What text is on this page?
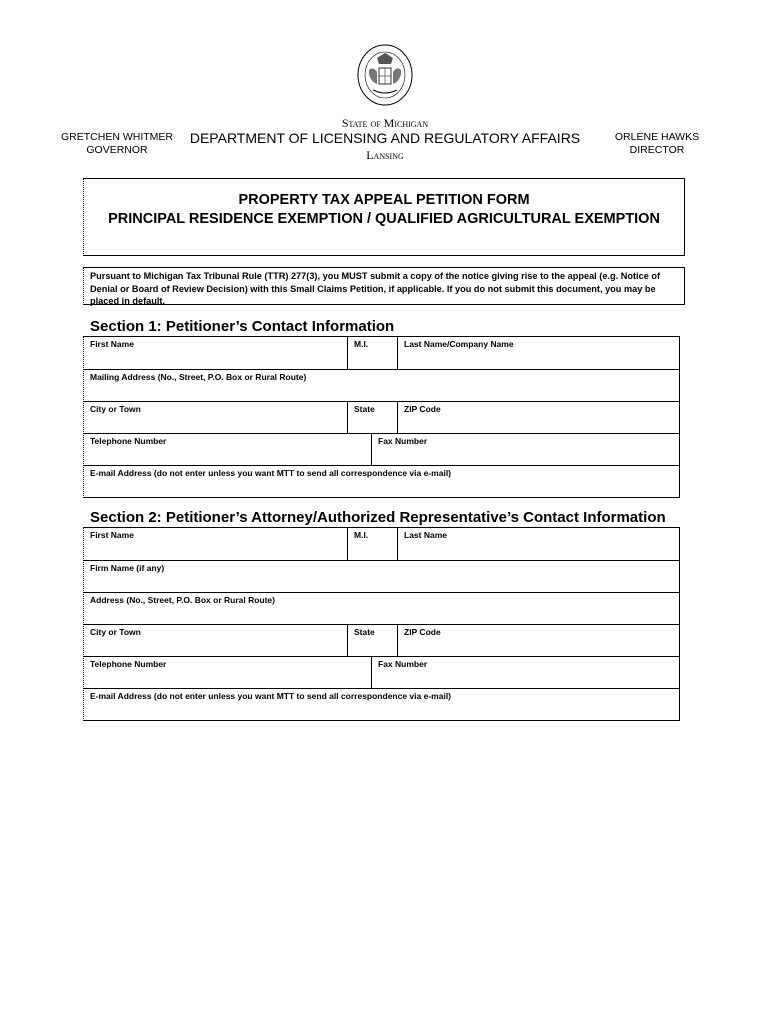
State of Michigan
DEPARTMENT OF LICENSING AND REGULATORY AFFAIRS
Lansing
GRETCHEN WHITMER
GOVERNOR
ORLENE HAWKS
DIRECTOR
PROPERTY TAX APPEAL PETITION FORM
PRINCIPAL RESIDENCE EXEMPTION / QUALIFIED AGRICULTURAL EXEMPTION
Pursuant to Michigan Tax Tribunal Rule (TTR) 277(3), you MUST submit a copy of the notice giving rise to the appeal (e.g. Notice of Denial or Board of Review Decision) with this Small Claims Petition, if applicable. If you do not submit this document, you may be placed in default.
Section 1: Petitioner’s Contact Information
First Name	M.I.	Last Name/Company Name
Mailing Address (No., Street, P.O. Box or Rural Route)
City or Town	State	ZIP Code
Telephone Number	Fax Number
E-mail Address (do not enter unless you want MTT to send all correspondence via e-mail)
Section 2: Petitioner’s Attorney/Authorized Representative’s Contact Information
First Name	M.I.	Last Name
Firm Name (if any)
Address (No., Street, P.O. Box or Rural Route)
City or Town	State	ZIP Code
Telephone Number	Fax Number
E-mail Address (do not enter unless you want MTT to send all correspondence via e-mail)
